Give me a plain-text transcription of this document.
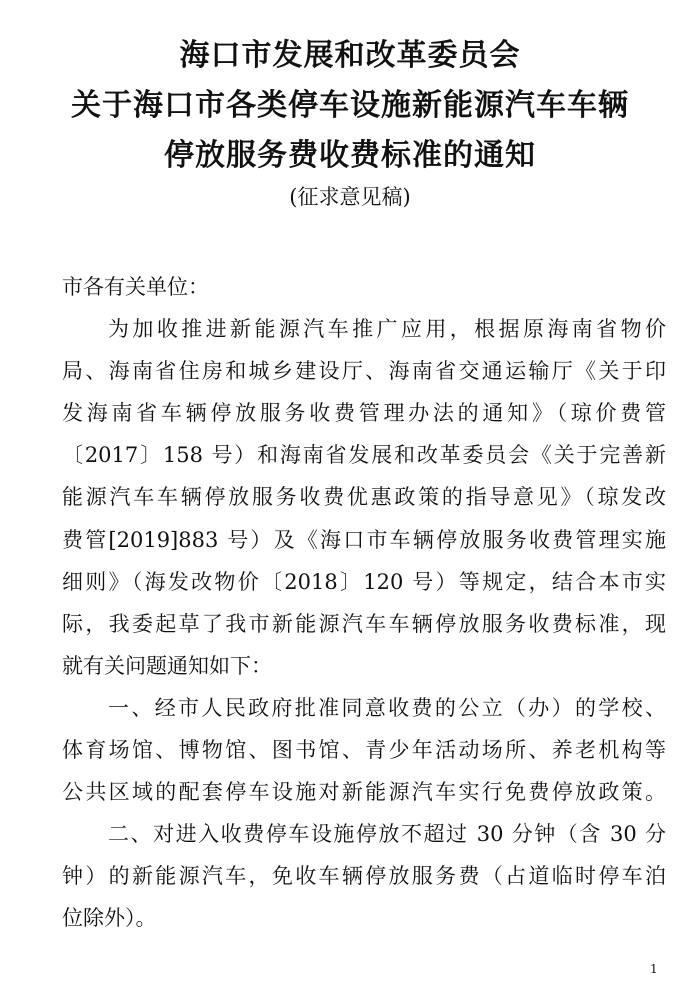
海口市发展和改革委员会
关于海口市各类停车设施新能源汽车车辆
停放服务费收费标准的通知
(征求意见稿)
市各有关单位：
为加收推进新能源汽车推广应用，根据原海南省物价
局、海南省住房和城乡建设厅、海南省交通运输厅《关于印
发海南省车辆停放服务收费管理办法的通知》（琼价费管
〔2017〕158 号）和海南省发展和改革委员会《关于完善新
能源汽车车辆停放服务收费优惠政策的指导意见》（琼发改
费管[2019]883 号）及《海口市车辆停放服务收费管理实施
细则》（海发改物价〔2018〕120 号）等规定，结合本市实
际，我委起草了我市新能源汽车车辆停放服务收费标准，现
就有关问题通知如下：
一、经市人民政府批准同意收费的公立（办）的学校、
体育场馆、博物馆、图书馆、青少年活动场所、养老机构等
公共区域的配套停车设施对新能源汽车实行免费停放政策。
二、对进入收费停车设施停放不超过 30 分钟（含 30 分
钟）的新能源汽车，免收车辆停放服务费（占道临时停车泊
位除外）。
1
